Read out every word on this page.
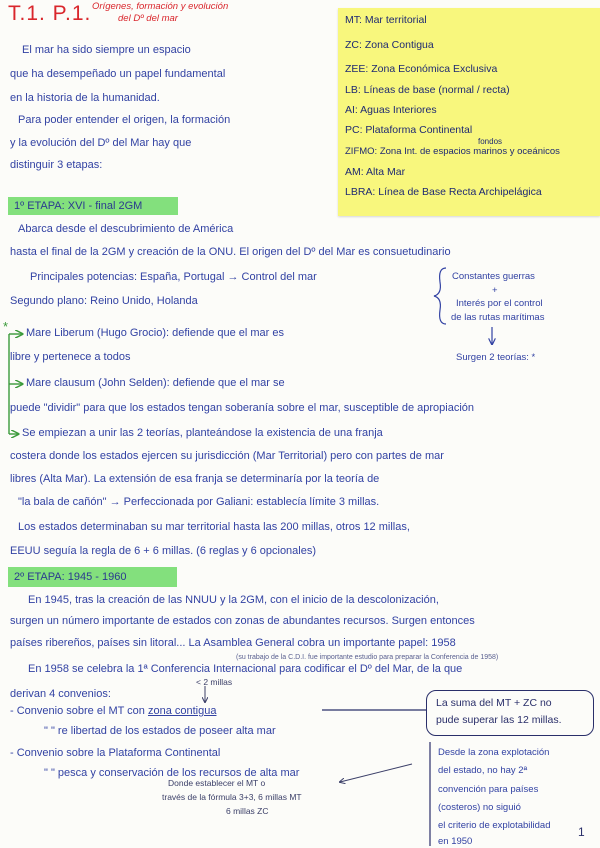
T.1. P.1. Orígenes, formación y evolución
del Dº del mar
El mar ha sido siempre un espacio
que ha desempeñado un papel fundamental
en la historia de la humanidad.
Para poder entender el origen, la formación
y la evolución del Dº del Mar hay que
distinguir 3 etapas:
MT: Mar territorial
ZC: Zona Contigua
ZEE: Zona Económica Exclusiva
LB: Líneas de base (normal / recta)
AI: Aguas Interiores
PC: Plataforma Continental
fondos
ZIFMO: Zona Int. de espacios marinos y oceánicos
AM: Alta Mar
LBRA: Línea de Base Recta Archipelágica
1º ETAPA: XVI - final 2GM
Abarca desde el descubrimiento de América
hasta el final de la 2GM y creación de la ONU. El origen del Dº del Mar es consuetudinario
Principales potencias: España, Portugal → Control del mar
Segundo plano: Reino Unido, Holanda
Constantes guerras
+
Interés por el control
de las rutas marítimas
Surgen 2 teorías: *
* Mare Liberum (Hugo Grocio): defiende que el mar es
libre y pertenece a todos
Mare clausum (John Selden): defiende que el mar se
puede "dividir" para que los estados tengan soberanía sobre el mar, susceptible de apropiación
Se empiezan a unir las 2 teorías, planteándose la existencia de una franja
costera donde los estados ejercen su jurisdicción (Mar Territorial) pero con partes de mar
libres (Alta Mar). La extensión de esa franja se determinaría por la teoría de
"la bala de cañón" → Perfeccionada por Galiani: establecía límite 3 millas.
Los estados determinaban su mar territorial hasta las 200 millas, otros 12 millas,
EEUU seguía la regla de 6 + 6 millas. (6 reglas y 6 opcionales)
2º ETAPA: 1945 - 1960
En 1945, tras la creación de las NNUU y la 2GM, con el inicio de la descolonización,
surgen un número importante de estados con zonas de abundantes recursos. Surgen entonces
países ribereños, países sin litoral... La Asamblea General cobra un importante papel: 1958
(su trabajo de la C.D.I. fue importante estudio para preparar la Conferencia de 1958)
En 1958 se celebra la 1ª Conferencia Internacional para codificar el Dº del Mar, de la que
< 2 millas
derivan 4 convenios:
- Convenio sobre el MT con zona contigua
" " re libertad de los estados de poseer alta mar
- Convenio sobre la Plataforma Continental
" " pesca y conservación de los recursos de alta mar
La suma del MT + ZC no
pude superar las 12 millas.
Desde la zona explotación
del estado, no hay 2ª
convención para países
(costeros) no siguió
el criterio de explotabilidad
en 1950
Donde establecer el MT o
través de la fórmula 3+3, 6 millas MT
6 millas ZC
1
